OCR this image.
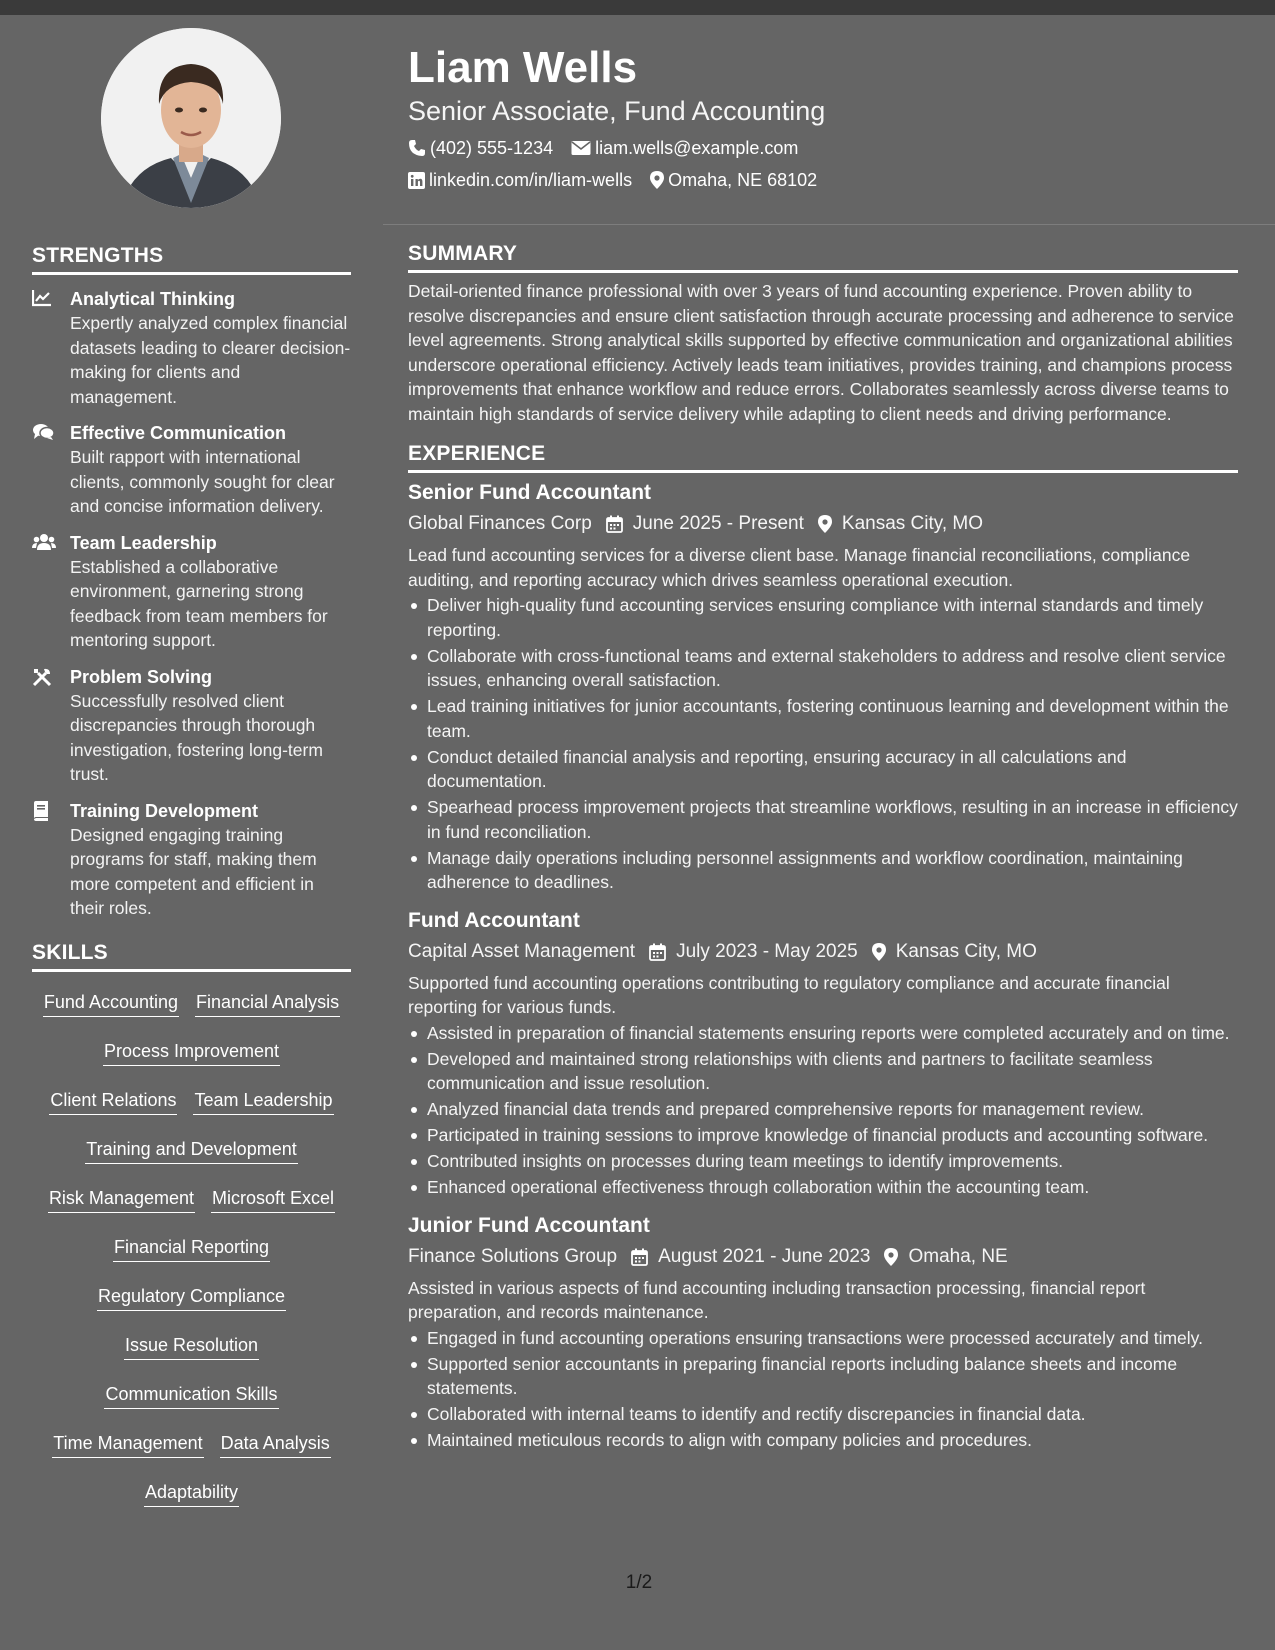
STRENGTHS
Analytical Thinking
Expertly analyzed complex financial datasets leading to clearer decision-making for clients and management.
Effective Communication
Built rapport with international clients, commonly sought for clear and concise information delivery.
Team Leadership
Established a collaborative environment, garnering strong feedback from team members for mentoring support.
Problem Solving
Successfully resolved client discrepancies through thorough investigation, fostering long-term trust.
Training Development
Designed engaging training programs for staff, making them more competent and efficient in their roles.
SKILLS
Fund Accounting Financial Analysis
Process Improvement
Client Relations Team Leadership
Training and Development
Risk Management Microsoft Excel
Financial Reporting
Regulatory Compliance
Issue Resolution
Communication Skills
Time Management Data Analysis
Adaptability
Liam Wells
Senior Associate, Fund Accounting
(402) 555-1234 liam.wells@example.com
linkedin.com/in/liam-wells Omaha, NE 68102
SUMMARY
Detail-oriented finance professional with over 3 years of fund accounting experience. Proven ability to resolve discrepancies and ensure client satisfaction through accurate processing and adherence to service level agreements. Strong analytical skills supported by effective communication and organizational abilities underscore operational efficiency. Actively leads team initiatives, provides training, and champions process improvements that enhance workflow and reduce errors. Collaborates seamlessly across diverse teams to maintain high standards of service delivery while adapting to client needs and driving performance.
EXPERIENCE
Senior Fund Accountant
Global Finances Corp June 2025 - Present Kansas City, MO
Lead fund accounting services for a diverse client base. Manage financial reconciliations, compliance auditing, and reporting accuracy which drives seamless operational execution.
Deliver high-quality fund accounting services ensuring compliance with internal standards and timely reporting.
Collaborate with cross-functional teams and external stakeholders to address and resolve client service issues, enhancing overall satisfaction.
Lead training initiatives for junior accountants, fostering continuous learning and development within the team.
Conduct detailed financial analysis and reporting, ensuring accuracy in all calculations and documentation.
Spearhead process improvement projects that streamline workflows, resulting in an increase in efficiency in fund reconciliation.
Manage daily operations including personnel assignments and workflow coordination, maintaining adherence to deadlines.
Fund Accountant
Capital Asset Management July 2023 - May 2025 Kansas City, MO
Supported fund accounting operations contributing to regulatory compliance and accurate financial reporting for various funds.
Assisted in preparation of financial statements ensuring reports were completed accurately and on time.
Developed and maintained strong relationships with clients and partners to facilitate seamless communication and issue resolution.
Analyzed financial data trends and prepared comprehensive reports for management review.
Participated in training sessions to improve knowledge of financial products and accounting software.
Contributed insights on processes during team meetings to identify improvements.
Enhanced operational effectiveness through collaboration within the accounting team.
Junior Fund Accountant
Finance Solutions Group August 2021 - June 2023 Omaha, NE
Assisted in various aspects of fund accounting including transaction processing, financial report preparation, and records maintenance.
Engaged in fund accounting operations ensuring transactions were processed accurately and timely.
Supported senior accountants in preparing financial reports including balance sheets and income statements.
Collaborated with internal teams to identify and rectify discrepancies in financial data.
Maintained meticulous records to align with company policies and procedures.
1/2
